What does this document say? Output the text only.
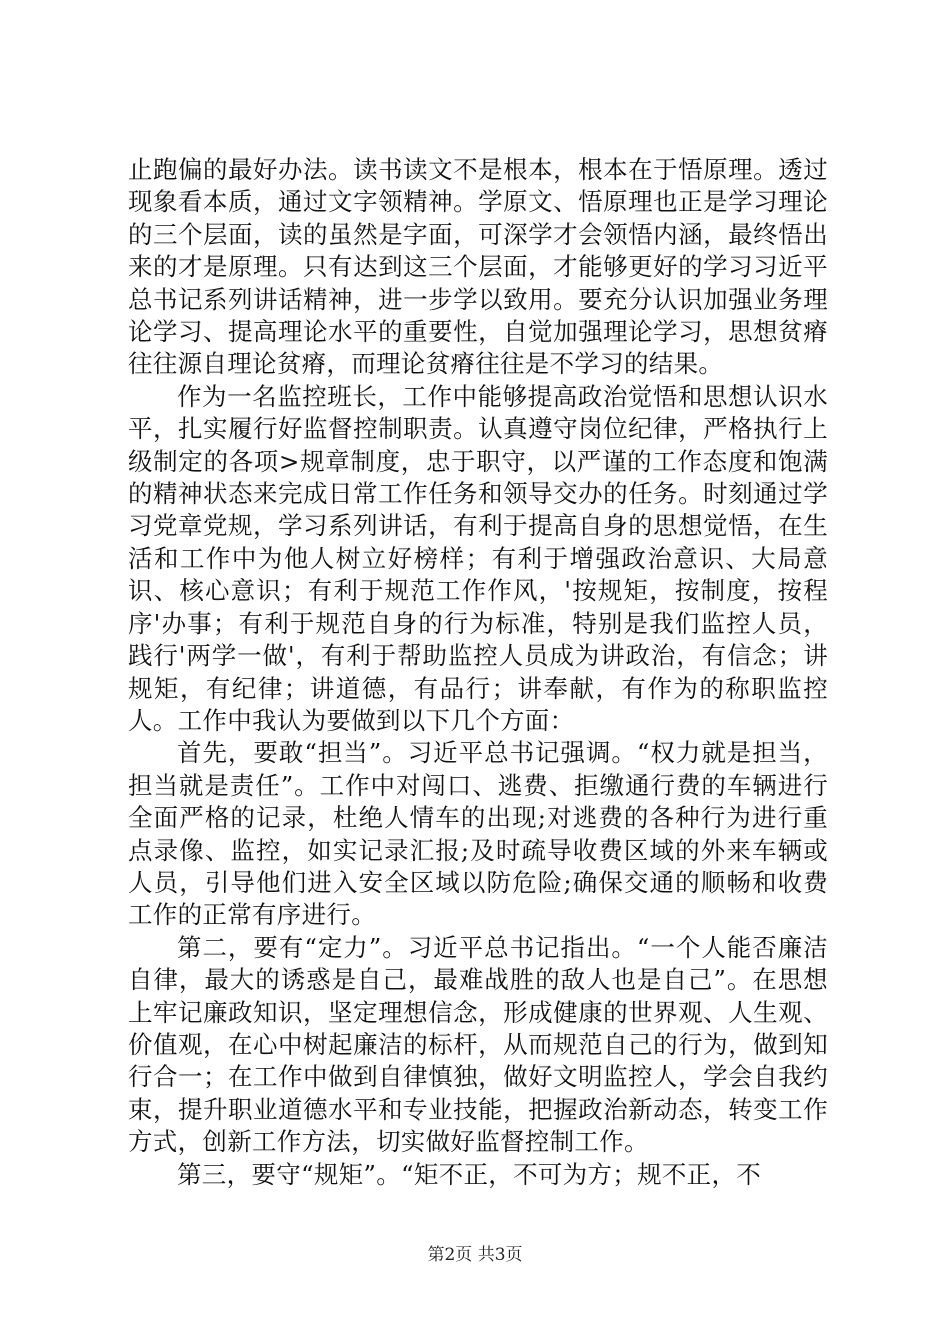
止跑偏的最好办法。读书读文不是根本，根本在于悟原理。透过现象看本质，通过文字领精神。学原文、悟原理也正是学习理论的三个层面，读的虽然是字面，可深学才会领悟内涵，最终悟出来的才是原理。只有达到这三个层面，才能够更好的学习习近平总书记系列讲话精神，进一步学以致用。要充分认识加强业务理论学习、提高理论水平的重要性，自觉加强理论学习，思想贫瘠往往源自理论贫瘠，而理论贫瘠往往是不学习的结果。

作为一名监控班长，工作中能够提高政治觉悟和思想认识水平，扎实履行好监督控制职责。认真遵守岗位纪律，严格执行上级制定的各项>规章制度，忠于职守，以严谨的工作态度和饱满的精神状态来完成日常工作任务和领导交办的任务。时刻通过学习党章党规，学习系列讲话，有利于提高自身的思想觉悟，在生活和工作中为他人树立好榜样；有利于增强政治意识、大局意识、核心意识；有利于规范工作作风，'按规矩，按制度，按程序'办事；有利于规范自身的行为标准，特别是我们监控人员，践行'两学一做'，有利于帮助监控人员成为讲政治，有信念；讲规矩，有纪律；讲道德，有品行；讲奉献，有作为的称职监控人。工作中我认为要做到以下几个方面：

首先，要敢“担当”。习近平总书记强调。“权力就是担当，担当就是责任”。工作中对闯口、逃费、拒缴通行费的车辆进行全面严格的记录，杜绝人情车的出现;对逃费的各种行为进行重点录像、监控，如实记录汇报;及时疏导收费区域的外来车辆或人员，引导他们进入安全区域以防危险;确保交通的顺畅和收费工作的正常有序进行。

第二，要有“定力”。习近平总书记指出。“一个人能否廉洁自律，最大的诱惑是自己，最难战胜的敌人也是自己”。在思想上牢记廉政知识，坚定理想信念，形成健康的世界观、人生观、价值观，在心中树起廉洁的标杆，从而规范自己的行为，做到知行合一；在工作中做到自律慎独，做好文明监控人，学会自我约束，提升职业道德水平和专业技能，把握政治新动态，转变工作方式，创新工作方法，切实做好监督控制工作。

第三，要守“规矩”。“矩不正，不可为方；规不正，不

第2页 共3页
